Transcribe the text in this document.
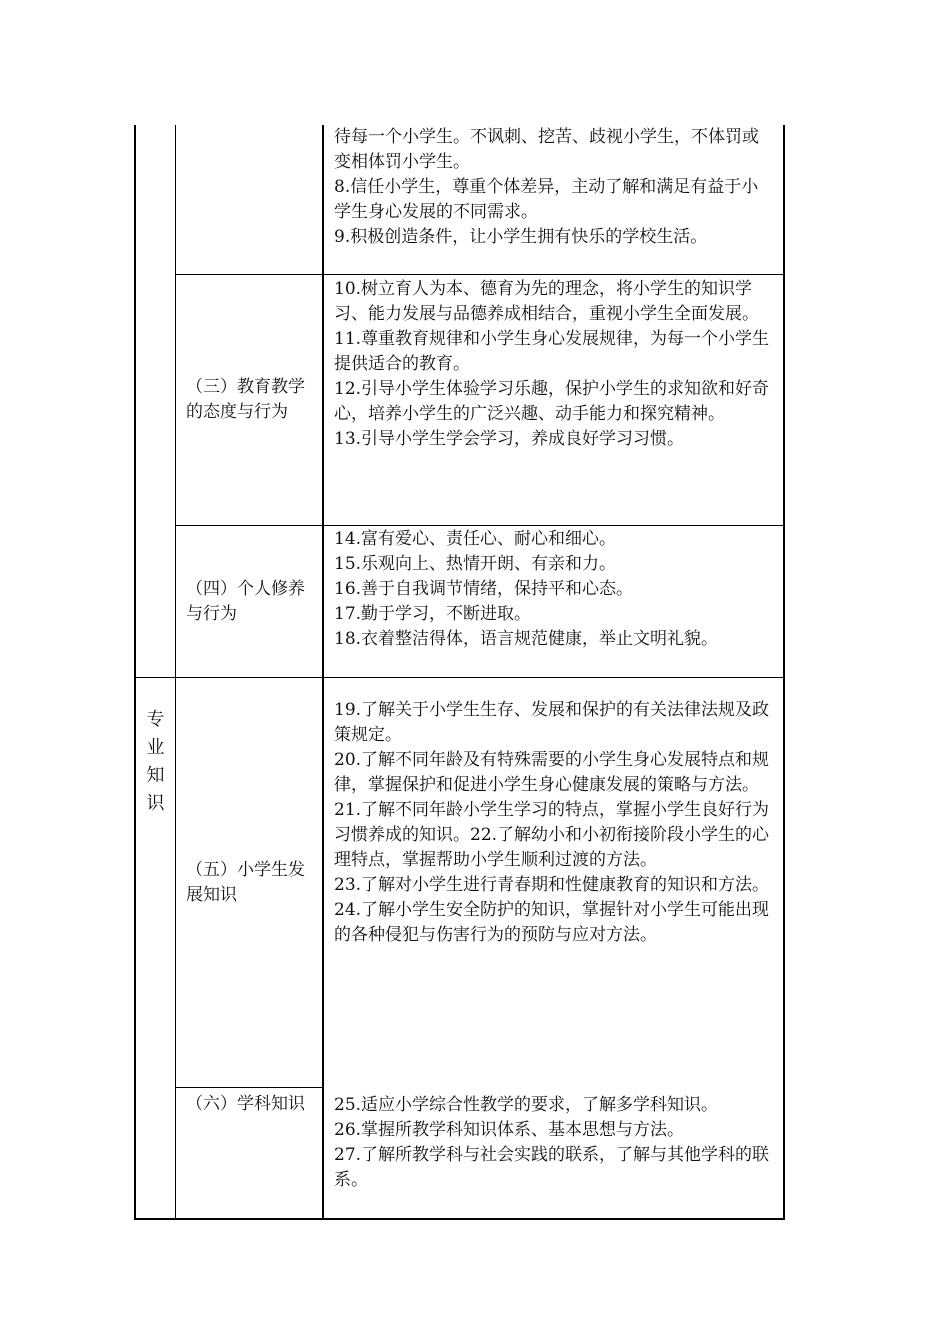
待每一个小学生。不讽刺、挖苦、歧视小学生，不体罚或变相体罚小学生。

8.信任小学生，尊重个体差异，主动了解和满足有益于小学生身心发展的不同需求。

9.积极创造条件，让小学生拥有快乐的学校生活。

（三）教育教学的态度与行为

10.树立育人为本、德育为先的理念，将小学生的知识学习、能力发展与品德养成相结合，重视小学生全面发展。

11.尊重教育规律和小学生身心发展规律，为每一个小学生提供适合的教育。

12.引导小学生体验学习乐趣，保护小学生的求知欲和好奇心，培养小学生的广泛兴趣、动手能力和探究精神。

13.引导小学生学会学习，养成良好学习习惯。

（四）个人修养与行为

14.富有爱心、责任心、耐心和细心。

15.乐观向上、热情开朗、有亲和力。

16.善于自我调节情绪，保持平和心态。

17.勤于学习，不断进取。

18.衣着整洁得体，语言规范健康，举止文明礼貌。

专
业
知
识
（五）小学生发展知识

19.了解关于小学生生存、发展和保护的有关法律法规及政策规定。

20.了解不同年龄及有特殊需要的小学生身心发展特点和规律，掌握保护和促进小学生身心健康发展的策略与方法。

21.了解不同年龄小学生学习的特点，掌握小学生良好行为习惯养成的知识。22.了解幼小和小初衔接阶段小学生的心理特点，掌握帮助小学生顺利过渡的方法。

23.了解对小学生进行青春期和性健康教育的知识和方法。

24.了解小学生安全防护的知识，掌握针对小学生可能出现的各种侵犯与伤害行为的预防与应对方法。

（六）学科知识	25.适应小学综合性教学的要求，了解多学科知识。

26.掌握所教学科知识体系、基本思想与方法。

27.了解所教学科与社会实践的联系，了解与其他学科的联系。
